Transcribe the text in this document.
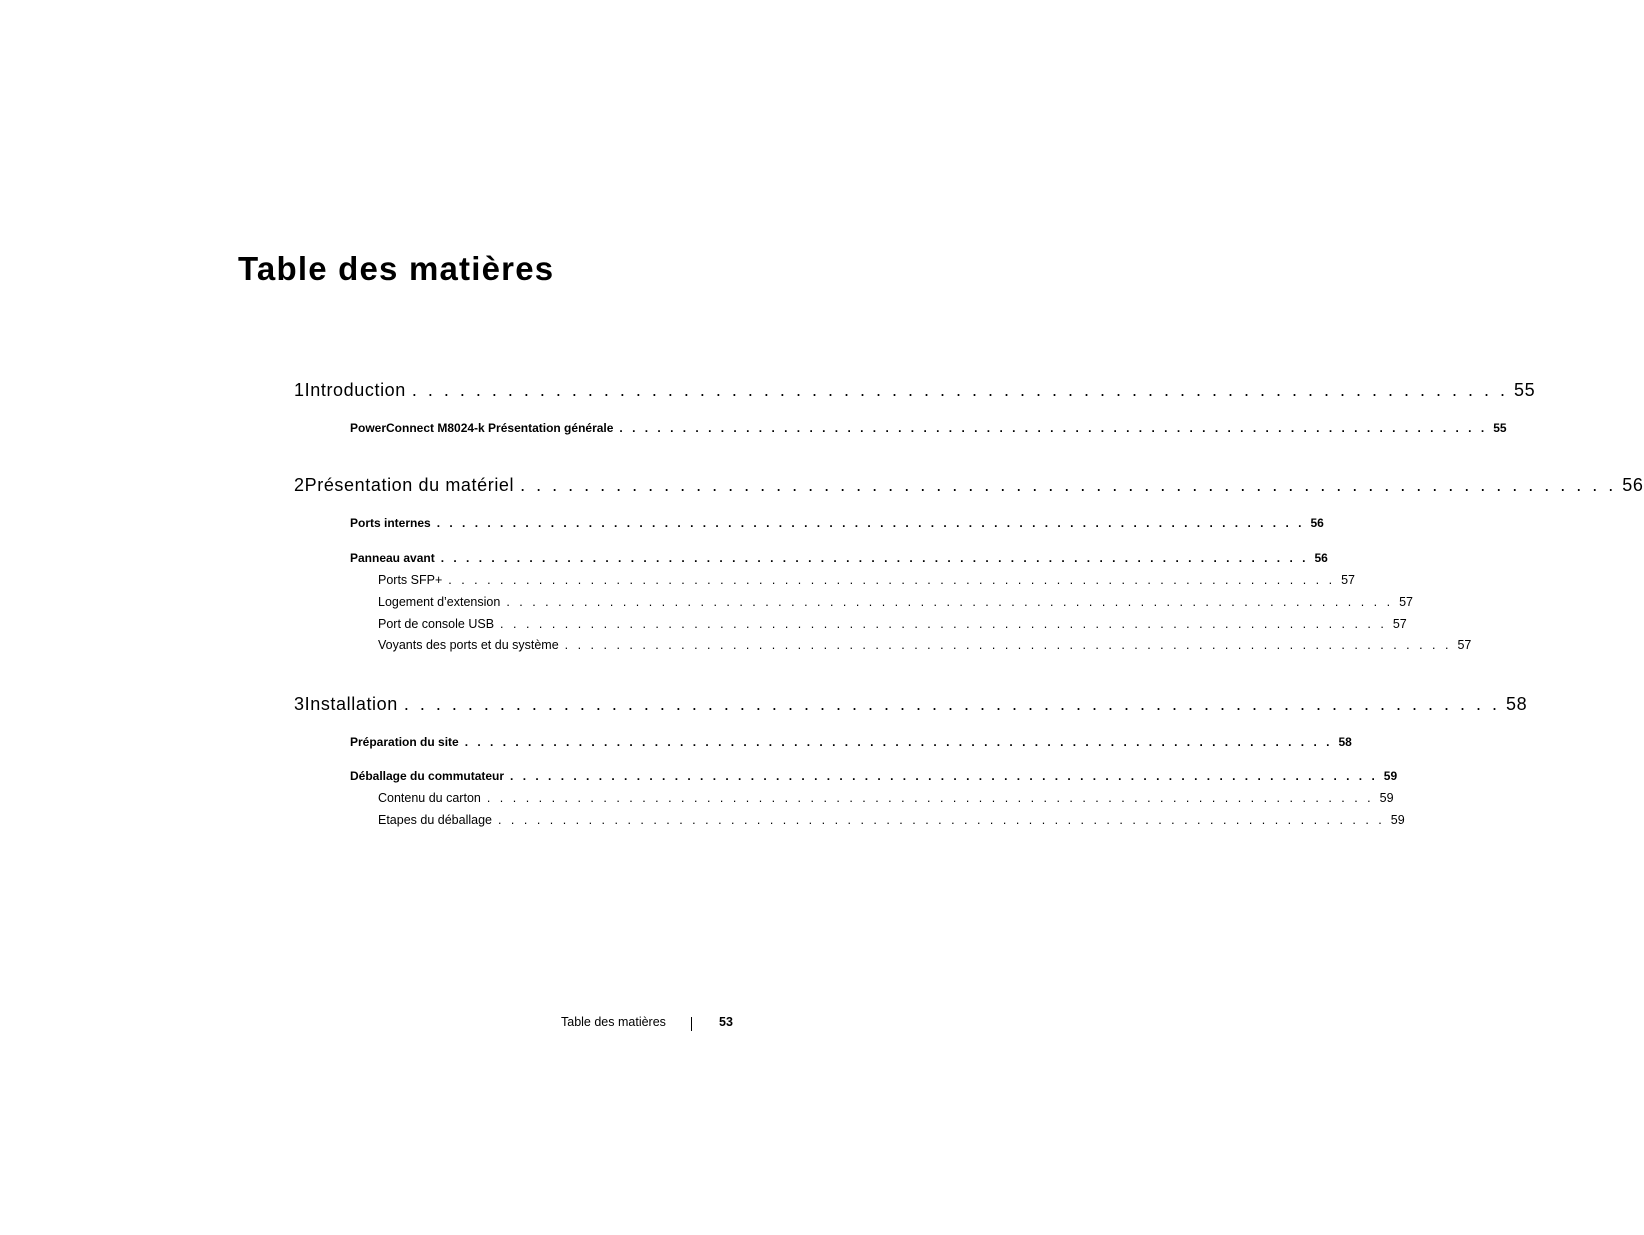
Table des matières
1 Introduction . . . . . . . . . . . . . . . . . . . . . . . . . . . . . . . . . . . . . . . . . . . . . . . . . . . . . . . . . . . . . . . . . . . . . 55
PowerConnect M8024-k Présentation générale . . . . . . . . . . . . . . . . . . . . . . . . . . . . . . . . . . . . . . . . . . . . . . . . . . . . . . . . . . . . . . . . . . . . . 55
2 Présentation du matériel . . . . . . . . . . . . . . . . . . . . . . . . . . . . . . . . . . . . . . . . . . . . . . . . . . . . . . . . . . . . . . . . . . . . . 56
Ports internes . . . . . . . . . . . . . . . . . . . . . . . . . . . . . . . . . . . . . . . . . . . . . . . . . . . . . . . . . . . . . . . . . . . . . 56
Panneau avant . . . . . . . . . . . . . . . . . . . . . . . . . . . . . . . . . . . . . . . . . . . . . . . . . . . . . . . . . . . . . . . . . . . . . 56
Ports SFP+ . . . . . . . . . . . . . . . . . . . . . . . . . . . . . . . . . . . . . . . . . . . . . . . . . . . . . . . . . . . . . . . . . . . . . 57
Logement d’extension . . . . . . . . . . . . . . . . . . . . . . . . . . . . . . . . . . . . . . . . . . . . . . . . . . . . . . . . . . . . . . . . . . . . . 57
Port de console USB . . . . . . . . . . . . . . . . . . . . . . . . . . . . . . . . . . . . . . . . . . . . . . . . . . . . . . . . . . . . . . . . . . . . . 57
Voyants des ports et du système . . . . . . . . . . . . . . . . . . . . . . . . . . . . . . . . . . . . . . . . . . . . . . . . . . . . . . . . . . . . . . . . . . . . . 57
3 Installation . . . . . . . . . . . . . . . . . . . . . . . . . . . . . . . . . . . . . . . . . . . . . . . . . . . . . . . . . . . . . . . . . . . . . 58
Préparation du site . . . . . . . . . . . . . . . . . . . . . . . . . . . . . . . . . . . . . . . . . . . . . . . . . . . . . . . . . . . . . . . . . . . . . 58
Déballage du commutateur . . . . . . . . . . . . . . . . . . . . . . . . . . . . . . . . . . . . . . . . . . . . . . . . . . . . . . . . . . . . . . . . . . . . . 59
Contenu du carton . . . . . . . . . . . . . . . . . . . . . . . . . . . . . . . . . . . . . . . . . . . . . . . . . . . . . . . . . . . . . . . . . . . . . 59
Etapes du déballage . . . . . . . . . . . . . . . . . . . . . . . . . . . . . . . . . . . . . . . . . . . . . . . . . . . . . . . . . . . . . . . . . . . . . 59
Table des matières	53
